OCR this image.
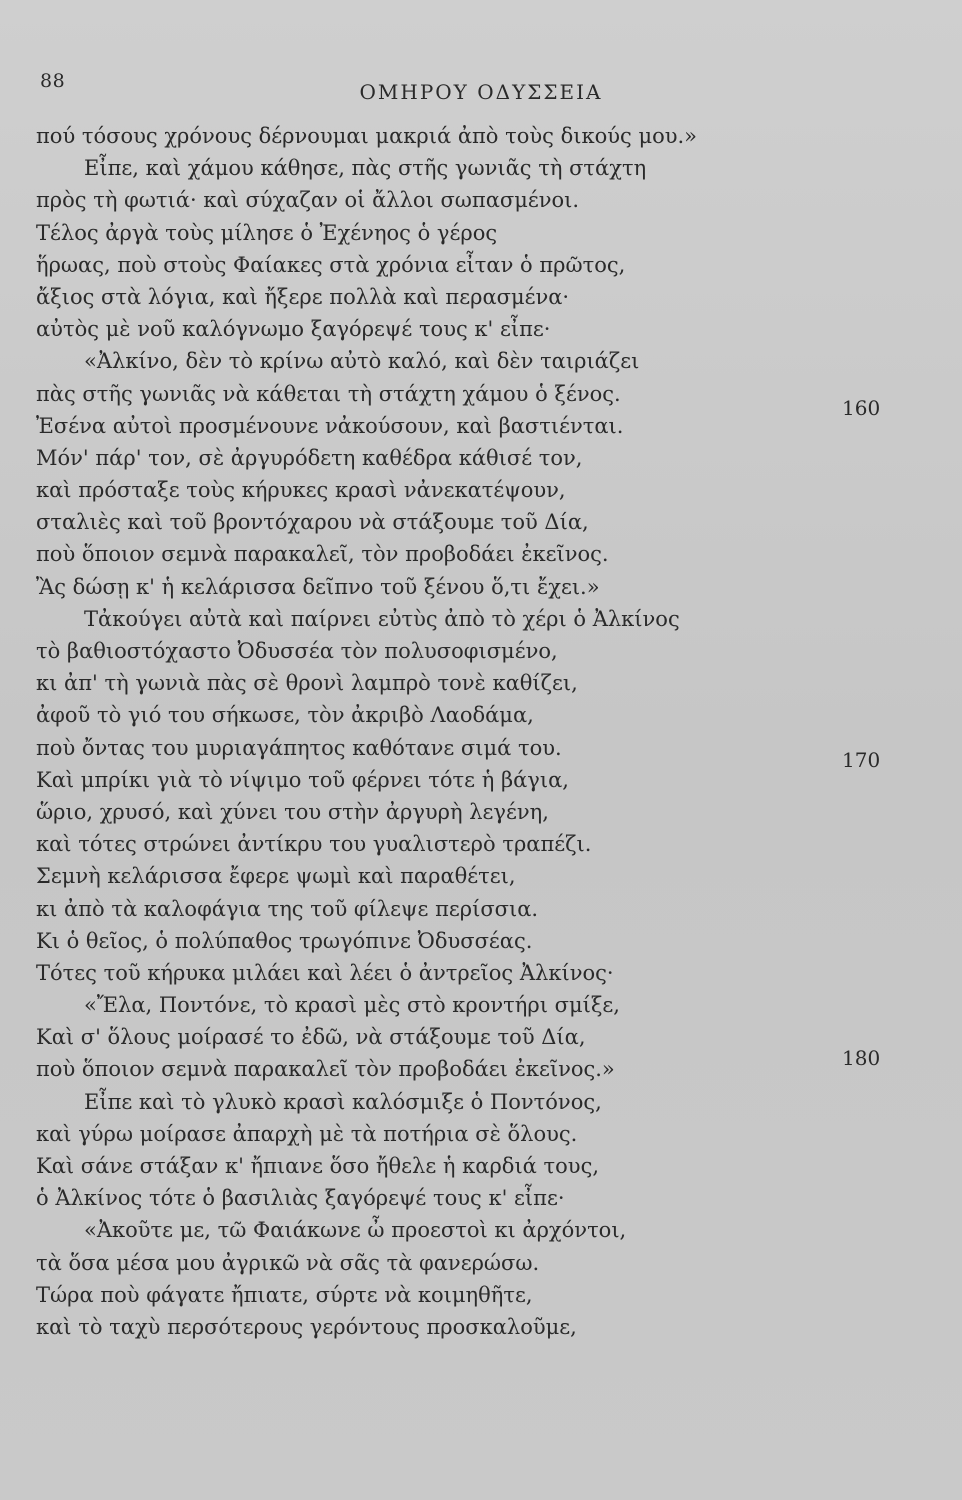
88	ΟΜΗΡΟΥ ΟΔΥΣΣΕΙΑ
πού τόσους χρόνους δέρνουμαι μακριά ἀπὸ τοὺς δικούς μου.»
Εἶπε, καὶ χάμου κάθησε, πὰς στῆς γωνιᾶς τὴ στάχτη
πρὸς τὴ φωτιά· καὶ σύχαζαν οἱ ἄλλοι σωπασμένοι.
Τέλος ἀργὰ τοὺς μίλησε ὁ Ἐχένηος ὁ γέρος
ἥρωας, ποὺ στοὺς Φαίακες στὰ χρόνια εἶταν ὁ πρῶτος,
ἄξιος στὰ λόγια, καὶ ἤξερε πολλὰ καὶ περασμένα·
αὐτὸς μὲ νοῦ καλόγνωμο ξαγόρεψέ τους κ' εἶπε·
«Ἀλκίνο, δὲν τὸ κρίνω αὐτὸ καλό, καὶ δὲν ταιριάζει
πὰς στῆς γωνιᾶς νὰ κάθεται τὴ στάχτη χάμου ὁ ξένος.
Ἐσένα αὐτοὶ προσμένουνε νἀκούσουν, καὶ βαστιένται.
Μόν' πάρ' τον, σὲ ἀργυρόδετη καθέδρα κάθισέ τον,
καὶ πρόσταξε τοὺς κήρυκες κρασὶ νἀνεκατέψουν,
σταλιὲς καὶ τοῦ βροντόχαρου νὰ στάξουμε τοῦ Δία,
ποὺ ὅποιον σεμνὰ παρακαλεῖ, τὸν προβοδάει ἐκεῖνος.
Ἂς δώσῃ κ' ἡ κελάρισσα δεῖπνο τοῦ ξένου ὅ,τι ἔχει.»
Τἀκούγει αὐτὰ καὶ παίρνει εὐτὺς ἀπὸ τὸ χέρι ὁ Ἀλκίνος
τὸ βαθιοστόχαστο Ὀδυσσέα τὸν πολυσοφισμένο,
κι ἀπ' τὴ γωνιὰ πὰς σὲ θρονὶ λαμπρὸ τονὲ καθίζει,
ἀφοῦ τὸ γιό του σήκωσε, τὸν ἀκριβὸ Λαοδάμα,
ποὺ ὄντας του μυριαγάπητος καθότανε σιμά του.
Καὶ μπρίκι γιὰ τὸ νίψιμο τοῦ φέρνει τότε ἡ βάγια,
ὥριο, χρυσό, καὶ χύνει του στὴν ἀργυρὴ λεγένη,
καὶ τότες στρώνει ἀντίκρυ του γυαλιστερὸ τραπέζι.
Σεμνὴ κελάρισσα ἔφερε ψωμὶ καὶ παραθέτει,
κι ἀπὸ τὰ καλοφάγια της τοῦ φίλεψε περίσσια.
Κι ὁ θεῖος, ὁ πολύπαθος τρωγόπινε Ὀδυσσέας.
Τότες τοῦ κήρυκα μιλάει καὶ λέει ὁ ἀντρεῖος Ἀλκίνος·
«Ἔλα, Ποντόνε, τὸ κρασὶ μὲς στὸ κροντήρι σμίξε,
Καὶ σ' ὅλους μοίρασέ το ἐδῶ, νὰ στάξουμε τοῦ Δία,
ποὺ ὅποιον σεμνὰ παρακαλεῖ τὸν προβοδάει ἐκεῖνος.»
Εἶπε καὶ τὸ γλυκὸ κρασὶ καλόσμιξε ὁ Ποντόνος,
καὶ γύρω μοίρασε ἀπαρχὴ μὲ τὰ ποτήρια σὲ ὅλους.
Καὶ σάνε στάξαν κ' ἤπιανε ὅσο ἤθελε ἡ καρδιά τους,
ὁ Ἀλκίνος τότε ὁ βασιλιὰς ξαγόρεψέ τους κ' εἶπε·
«Ἀκοῦτε με, τῶ Φαιάκωνε ὦ προεστοὶ κι ἀρχόντοι,
τὰ ὅσα μέσα μου ἀγρικῶ νὰ σᾶς τὰ φανερώσω.
Τώρα ποὺ φάγατε ἤπιατε, σύρτε νὰ κοιμηθῆτε,
καὶ τὸ ταχὺ περσότερους γερόντους προσκαλοῦμε,
160
170
180
